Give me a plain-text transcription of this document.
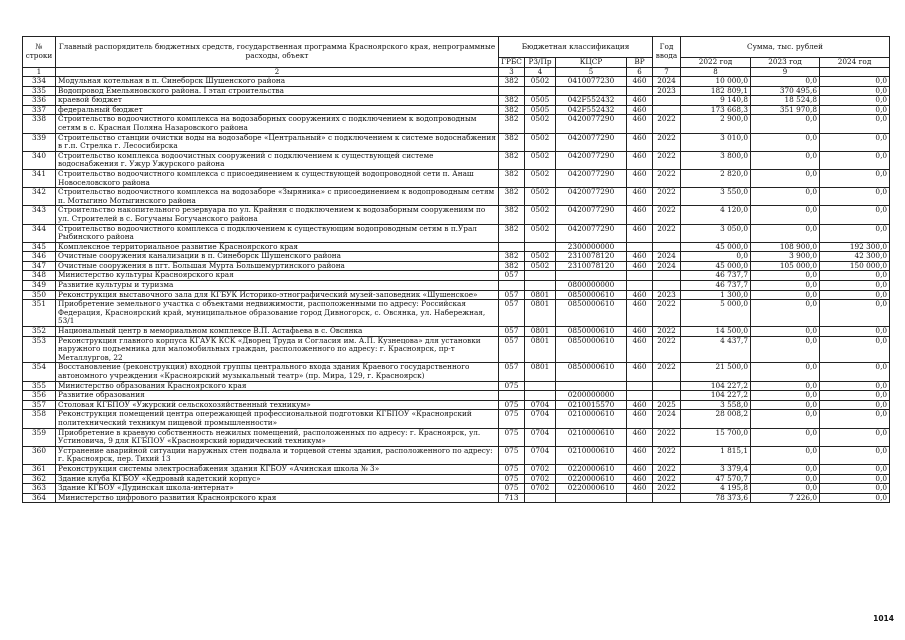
№ строки	Главный распорядитель бюджетных средств, государственная программа Красноярского края, непрограммные расходы, объект	Бюджетная классификация				Год ввода	Сумма, тыс. рублей		
		ГРБС	Р3/Пр	КЦСР	ВР		2022 год	2023 год	2024 год
1	2	3	4	5	6	7	8	9	
334	Модульная котельная в п. Синеборск Шушенского района	382	0502	0410077230	460	2024	10 000,0	0,0	0,0
335	Водопровод Емельяновского района. I этап строительства					2023	182 809,1	370 495,6	0,0
336	краевой бюджет	382	0505	042F552432	460		9 140,8	18 524,8	0,0
337	федеральный бюджет	382	0505	042F552432	460		173 668,3	351 970,8	0,0
338	Строительство водоочистного комплекса на водозаборных сооружениях с подключением к водопроводным сетям в с. Красная Поляна Назаровского района	382	0502	0420077290	460	2022	2 900,0	0,0	0,0
339	Строительство станции очистки воды на водозаборе «Центральный» с подключением к системе водоснабжения в г.п. Стрелка г. Лесосибирска	382	0502	0420077290	460	2022	3 010,0	0,0	0,0
340	Строительство комплекса водоочистных сооружений с подключением к существующей системе водоснабжения г. Ужур Ужурского района	382	0502	0420077290	460	2022	3 800,0	0,0	0,0
341	Строительство водоочистного комплекса с присоединением к существующей водопроводной сети п. Анаш Новоселовского района	382	0502	0420077290	460	2022	2 820,0	0,0	0,0
342	Строительство водоочистного комплекса на водозаборе «Зыряника» с присоединением к водопроводным сетям п. Мотыгино Мотыгинского района	382	0502	0420077290	460	2022	3 550,0	0,0	0,0
343	Строительство накопительного резервуара по ул. Крайняя с подключением к водозаборным сооружениям по ул. Строителей в с. Богучаны Богучанского района	382	0502	0420077290	460	2022	4 120,0	0,0	0,0
344	Строительство водоочистного комплекса с подключением к существующим водопроводным сетям в п.Урал Рыбинского района	382	0502	0420077290	460	2022	3 050,0	0,0	0,0
345	Комплексное территориальное развитие Красноярского края			2300000000			45 000,0	108 900,0	192 300,0
346	Очистные сооружения канализации в п. Синеборск Шушенского района	382	0502	2310078120	460	2024	0,0	3 900,0	42 300,0
347	Очистные сооружения в пгт. Большая Мурта Большемуртинского района	382	0502	2310078120	460	2024	45 000,0	105 000,0	150 000,0
348	Министерство культуры Красноярского края	057					46 737,7	0,0	0,0
349	Развитие культуры и туризма			0800000000			46 737,7	0,0	0,0
350	Реконструкция выставочного зала для КГБУК Историко-этнографический музей-заповедник «Шушенское»	057	0801	0850000610	460	2023	1 300,0	0,0	0,0
351	Приобретение земельного участка с объектами недвижимости, расположенными по адресу: Российская Федерация, Красноярский край, муниципальное образование город Дивногорск, с. Овсянка, ул. Набережная, 53/1	057	0801	0850000610	460	2022	5 000,0	0,0	0,0
352	Национальный центр в мемориальном комплексе В.П. Астафьева в с. Овсянка	057	0801	0850000610	460	2022	14 500,0	0,0	0,0
353	Реконструкция главного корпуса КГАУК КСК «Дворец Труда и Согласия им. А.П. Кузнецова» для установки наружного подъемника для маломобильных граждан, расположенного по адресу: г. Красноярск, пр-т Металлургов, 22	057	0801	0850000610	460	2022	4 437,7	0,0	0,0
354	Восстановление (реконструкция) входной группы центрального входа здания Краевого государственного автономного учреждения «Красноярский музыкальный театр» (пр. Мира, 129, г. Красноярск)	057	0801	0850000610	460	2022	21 500,0	0,0	0,0
355	Министерство образования Красноярского края	075					104 227,2	0,0	0,0
356	Развитие образования			0200000000			104 227,2	0,0	0,0
357	Столовая КГБПОУ «Ужурский сельскохозяйственный техникум»	075	0704	0210015570	460	2025	3 558,0	0,0	0,0
358	Реконструкция помещений центра опережающей профессиональной подготовки КГБПОУ «Красноярский политехнический техникум пищевой промышленности»	075	0704	0210000610	460	2024	28 008,2	0,0	0,0
359	Приобретение в краевую собственность нежилых помещений, расположенных по адресу: г. Красноярск, ул. Устиновича, 9 для КГБПОУ «Красноярский юридический техникум»	075	0704	0210000610	460	2022	15 700,0	0,0	0,0
360	Устранение аварийной ситуации наружных стен подвала и торцевой стены здания, расположенного по адресу: г. Красноярск, пер. Тихий 13	075	0704	0210000610	460	2022	1 815,1	0,0	0,0
361	Реконструкция системы электроснабжения здания КГБОУ «Ачинская школа № 3»	075	0702	0220000610	460	2022	3 379,4	0,0	0,0
362	Здание клуба КГБОУ «Кедровый кадетский корпус»	075	0702	0220000610	460	2022	47 570,7	0,0	0,0
363	Здание КГБОУ «Дудинская школа-интернат»	075	0702	0220000610	460	2022	4 195,8	0,0	0,0
364	Министерство цифрового развития Красноярского края	713					78 373,6	7 226,0	0,0
1014
